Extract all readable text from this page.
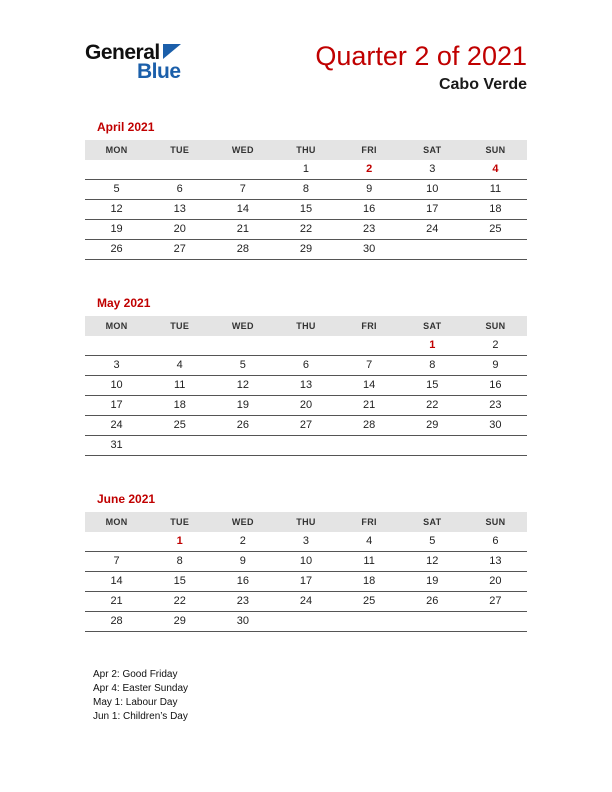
General
Blue
Quarter 2 of 2021
Cabo Verde
April 2021
MON	TUE	WED	THU	FRI	SAT	SUN
			1	2	3	4
5	6	7	8	9	10	11
12	13	14	15	16	17	18
19	20	21	22	23	24	25
26	27	28	29	30		
May 2021
MON	TUE	WED	THU	FRI	SAT	SUN
					1	2
3	4	5	6	7	8	9
10	11	12	13	14	15	16
17	18	19	20	21	22	23
24	25	26	27	28	29	30
31						
June 2021
MON	TUE	WED	THU	FRI	SAT	SUN
	1	2	3	4	5	6
7	8	9	10	11	12	13
14	15	16	17	18	19	20
21	22	23	24	25	26	27
28	29	30				
Apr 2: Good Friday
Apr 4: Easter Sunday
May 1: Labour Day
Jun 1: Children’s Day
